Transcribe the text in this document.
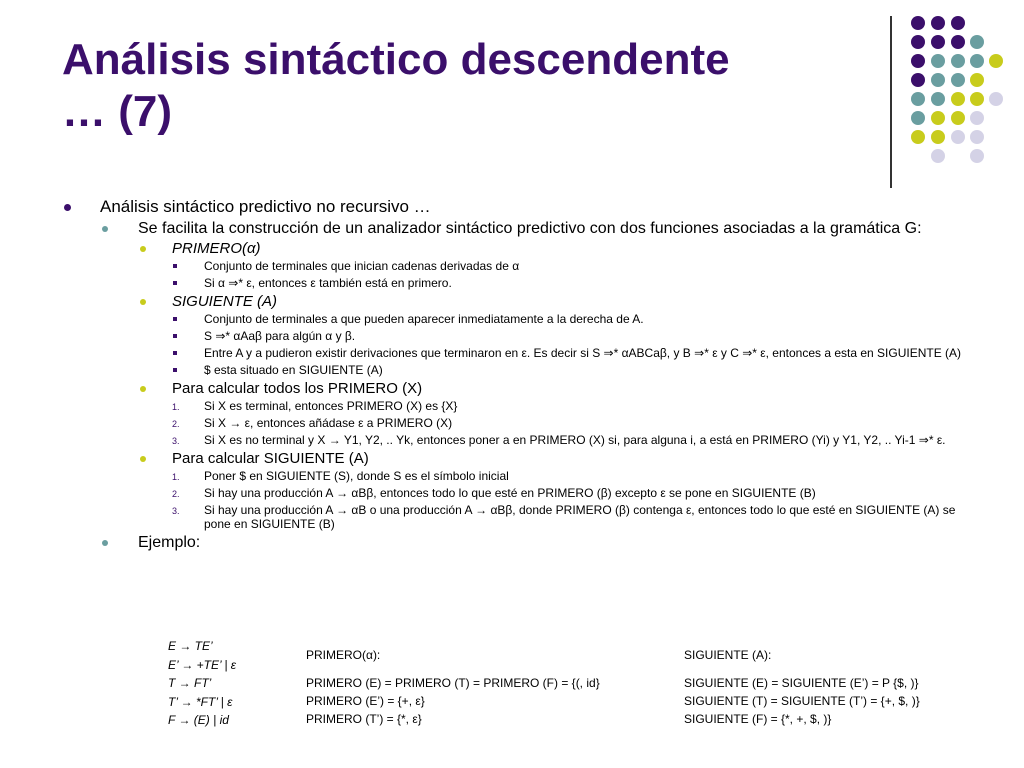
Análisis sintáctico descendente
… (7)
Análisis sintáctico predictivo no recursivo …
Se facilita la construcción de un analizador sintáctico predictivo con dos funciones asociadas a la gramática G:
PRIMERO(α)
Conjunto de terminales que inician cadenas derivadas de α
Si α ⇒* ε, entonces ε también está en primero.
SIGUIENTE (A)
Conjunto de terminales a que pueden aparecer inmediatamente a la derecha de A.
S ⇒* αAaβ para algún α y β.
Entre A y a pudieron existir derivaciones que terminaron en ε. Es decir si S ⇒* αABCaβ, y B ⇒* ε y C ⇒* ε, entonces a esta en SIGUIENTE (A)
$ esta situado en SIGUIENTE (A)
Para calcular todos los PRIMERO (X)
1. Si X es terminal, entonces PRIMERO (X) es {X}
2. Si X → ε, entonces añádase ε a PRIMERO (X)
3. Si X es no terminal y X → Y1, Y2, .. Yk, entonces poner a en PRIMERO (X) si, para alguna i, a está en PRIMERO (Yi) y Y1, Y2, .. Yi-1 ⇒* ε.
Para calcular SIGUIENTE (A)
1. Poner $ en SIGUIENTE (S), donde S es el símbolo inicial
2. Si hay una producción A → αBβ, entonces todo lo que esté en PRIMERO (β) excepto ε se pone en SIGUIENTE (B)
3. Si hay una producción A → αB o una producción A → αBβ, donde PRIMERO (β) contenga ε, entonces todo lo que esté en SIGUIENTE (A) se pone en SIGUIENTE (B)
Ejemplo:
E → TE’
E’ → +TE’ | ε
T → FT’
T’ → *FT’ | ε
F → (E) | id
PRIMERO(α):	SIGUIENTE (A):
PRIMERO (E) = PRIMERO (T) = PRIMERO (F) = {(, id}
PRIMERO (E’) = {+, ε}
PRIMERO (T’) = {*, ε}
SIGUIENTE (E) = SIGUIENTE (E’) = P {$, )}
SIGUIENTE (T) = SIGUIENTE (T’) = {+, $, )}
SIGUIENTE (F) = {*, +, $, )}
